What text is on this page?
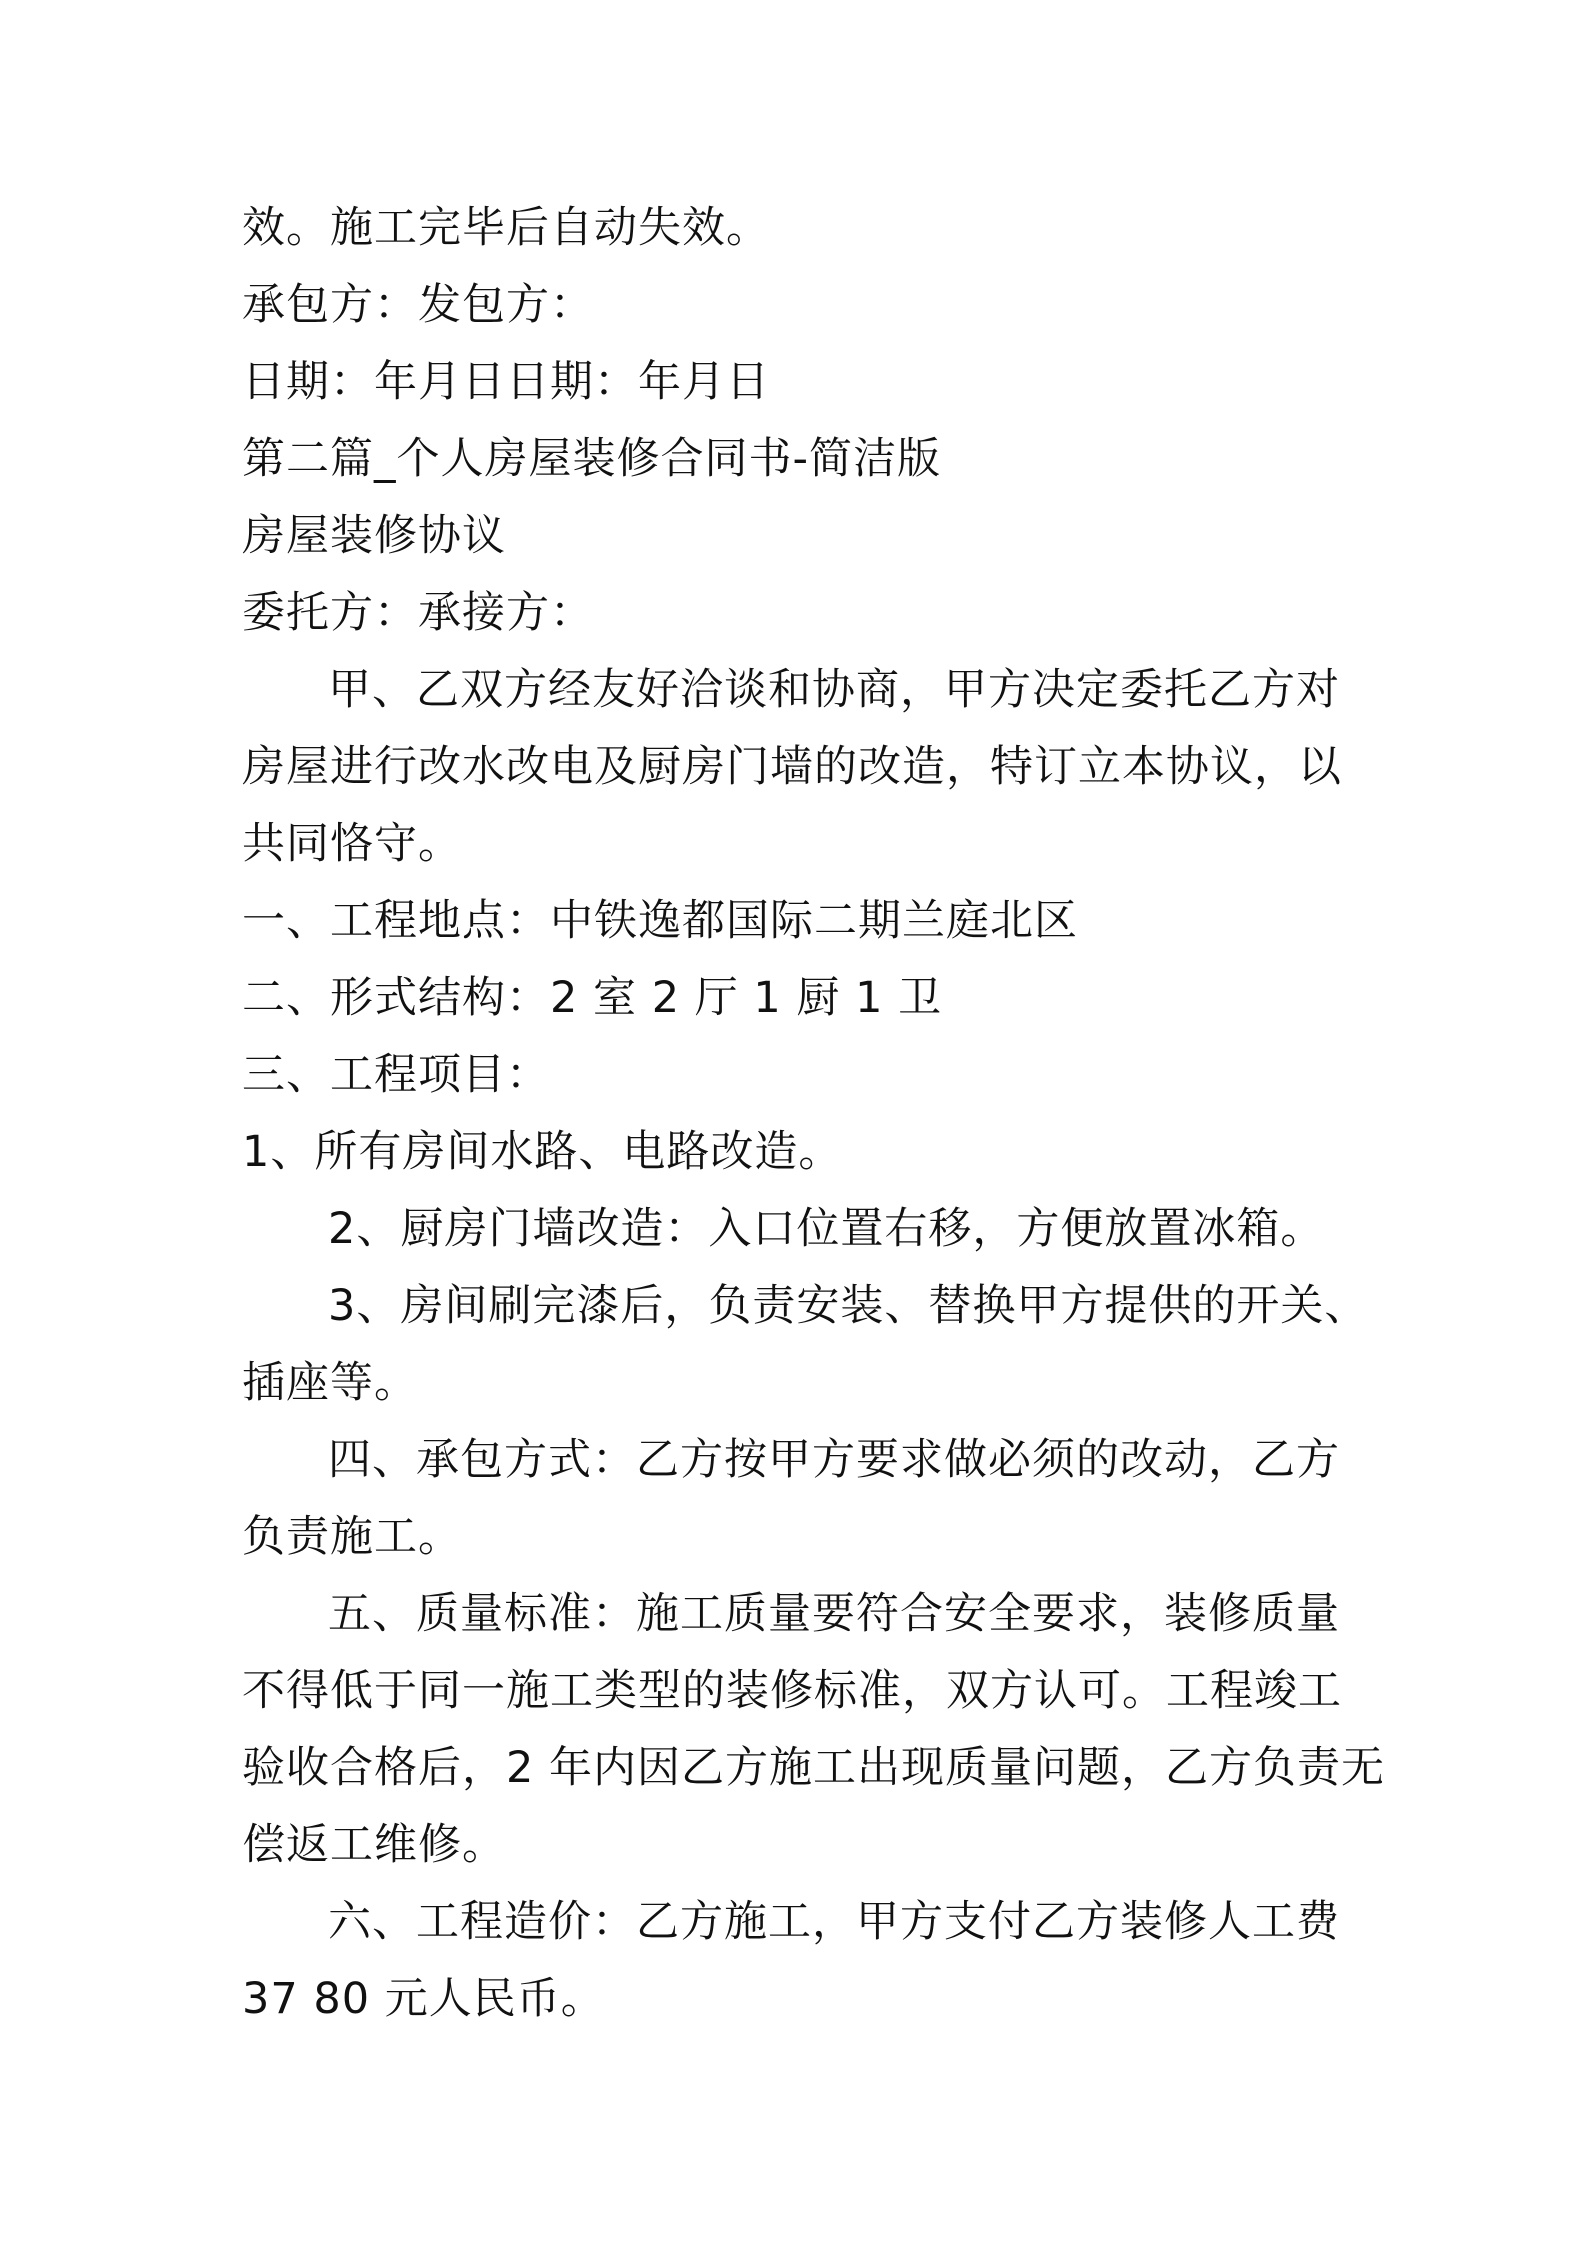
效。施工完毕后自动失效。
承包方：发包方：
日期：年月日日期：年月日
第二篇_个人房屋装修合同书-简洁版
房屋装修协议
委托方：承接方：
甲、乙双方经友好洽谈和协商，甲方决定委托乙方对
房屋进行改水改电及厨房门墙的改造，特订立本协议，以
共同恪守。
一、工程地点：中铁逸都国际二期兰庭北区
二、形式结构：2 室 2 厅 1 厨 1 卫
三、工程项目：
1、所有房间水路、电路改造。
2、厨房门墙改造：入口位置右移，方便放置冰箱。
3、房间刷完漆后，负责安装、替换甲方提供的开关、
插座等。
四、承包方式：乙方按甲方要求做必须的改动，乙方
负责施工。
五、质量标准：施工质量要符合安全要求，装修质量
不得低于同一施工类型的装修标准，双方认可。工程竣工
验收合格后，2 年内因乙方施工出现质量问题，乙方负责无
偿返工维修。
六、工程造价：乙方施工，甲方支付乙方装修人工费
37 80 元人民币。
